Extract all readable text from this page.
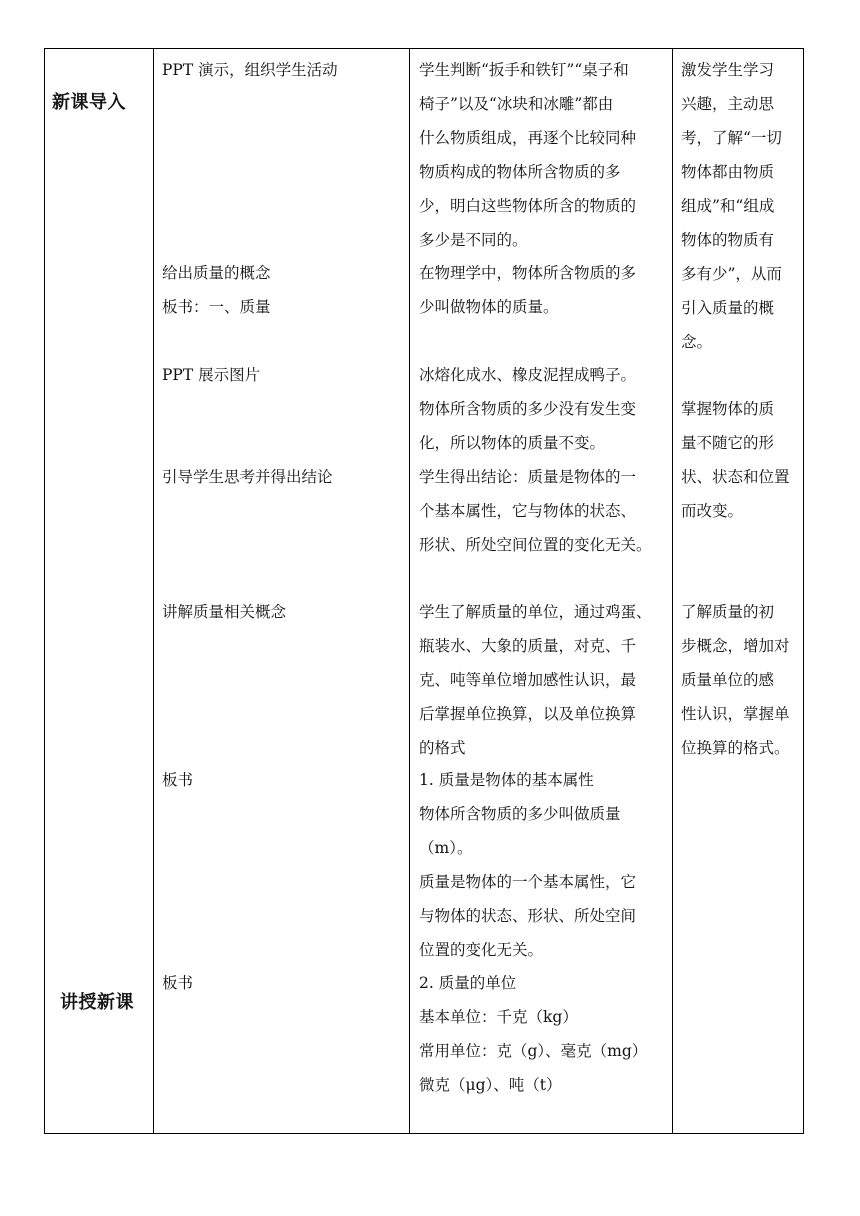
新课导入
讲授新课

PPT 演示，组织学生活动

给出质量的概念
板书：一、质量

PPT 展示图片

引导学生思考并得出结论

讲解质量相关概念

板书

板书

学生判断“扳手和铁钉”“桌子和
椅子”以及“冰块和冰雕”都由
什么物质组成，再逐个比较同种
物质构成的物体所含物质的多
少，明白这些物体所含的物质的
多少是不同的。

在物理学中，物体所含物质的多
少叫做物体的质量。

冰熔化成水、橡皮泥捏成鸭子。
物体所含物质的多少没有发生变
化，所以物体的质量不变。

学生得出结论：质量是物体的一
个基本属性，它与物体的状态、
形状、所处空间位置的变化无关。

学生了解质量的单位，通过鸡蛋、
瓶装水、大象的质量，对克、千
克、吨等单位增加感性认识，最
后掌握单位换算，以及单位换算
的格式

1. 质量是物体的基本属性
物体所含物质的多少叫做质量
（m）。
质量是物体的一个基本属性，它
与物体的状态、形状、所处空间
位置的变化无关。

2. 质量的单位
基本单位：千克（kg）
常用单位：克（g）、毫克（mg）
微克（μg）、吨（t）

激发学生学习
兴趣，主动思
考，了解“一切
物体都由物质
组成”和“组成
物体的物质有
多有少”，从而
引入质量的概
念。

掌握物体的质
量不随它的形
状、状态和位置
而改变。

了解质量的初
步概念，增加对
质量单位的感
性认识，掌握单
位换算的格式。
